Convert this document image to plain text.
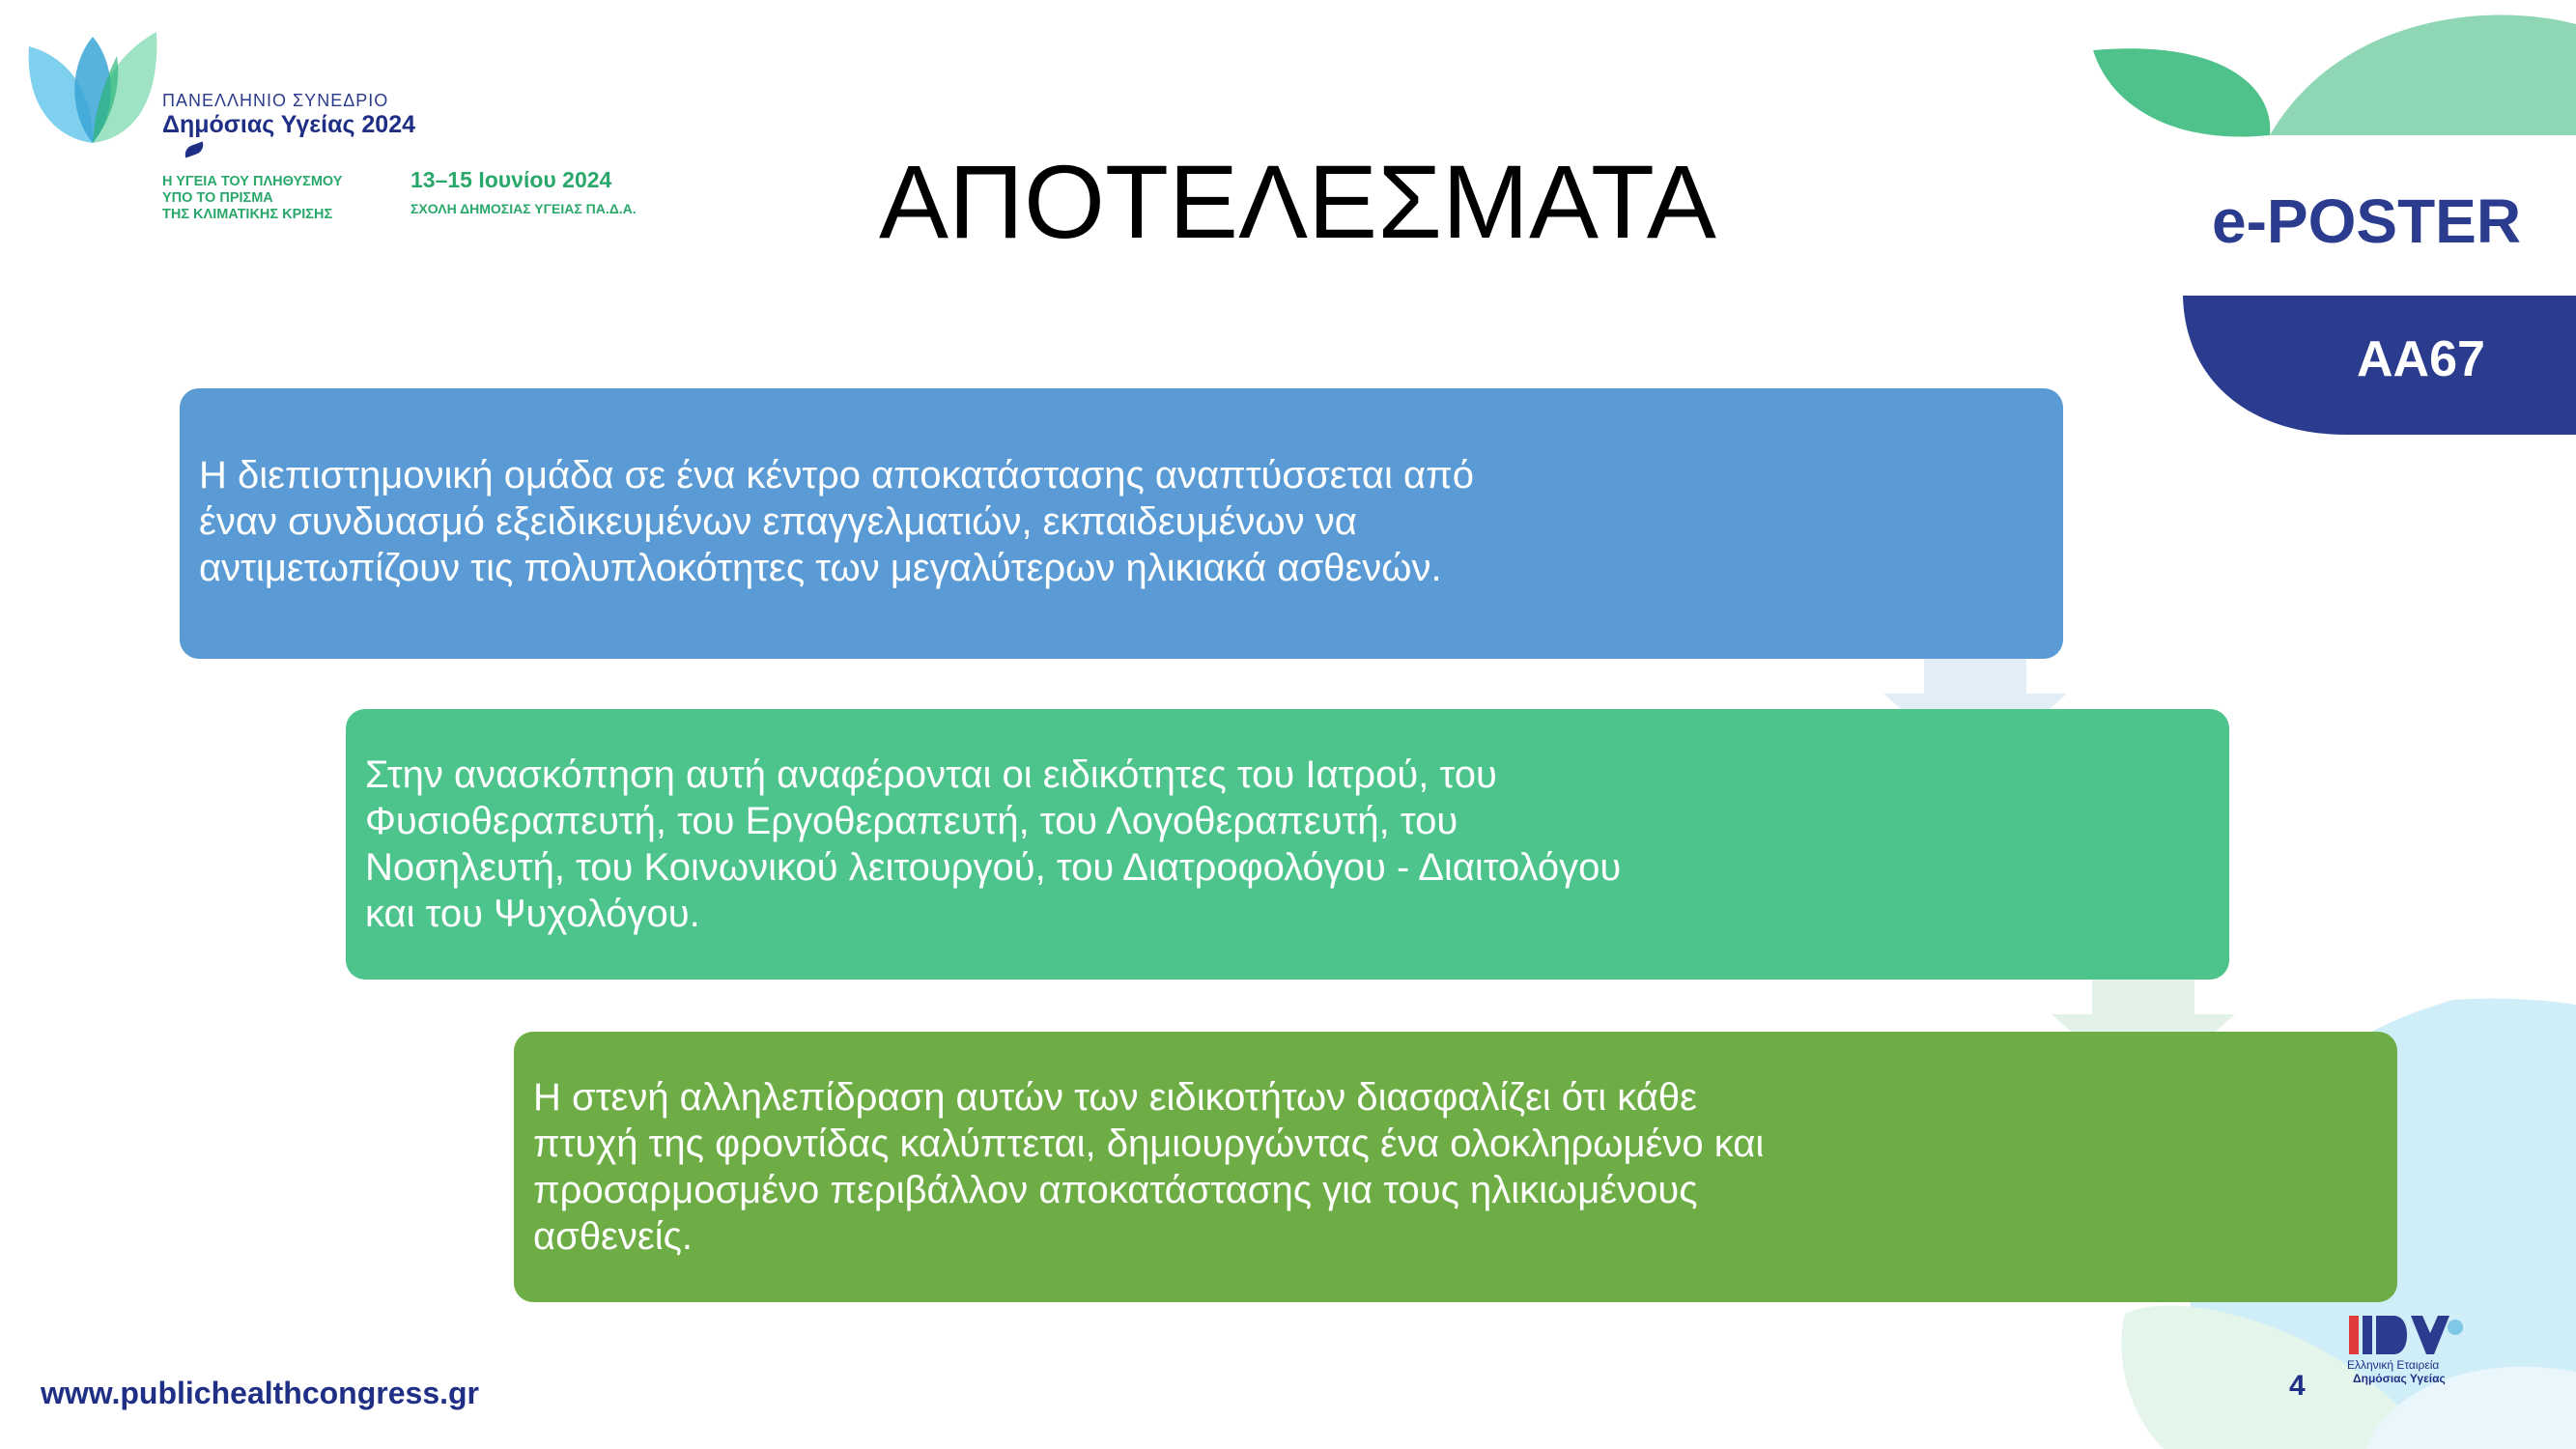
ΠΑΝΕΛΛΗΝΙΟ ΣΥΝΕΔΡΙΟ
Δημόσιας Υγείας 2024
Η ΥΓΕΙΑ ΤΟΥ ΠΛΗΘΥΣΜΟΥ
ΥΠΟ ΤΟ ΠΡΙΣΜΑ
ΤΗΣ ΚΛΙΜΑΤΙΚΗΣ ΚΡΙΣΗΣ
13–15 Ιουνίου 2024
ΣΧΟΛΗ ΔΗΜΟΣΙΑΣ ΥΓΕΙΑΣ ΠΑ.Δ.Α. ΑΠΟΤΕΛΕΣΜΑΤΑ	e-POSTER
ΑΑ67
Η διεπιστημονική ομάδα σε ένα κέντρο αποκατάστασης αναπτύσσεται από
έναν συνδυασμό εξειδικευμένων επαγγελματιών, εκπαιδευμένων να
αντιμετωπίζουν τις πολυπλοκότητες των μεγαλύτερων ηλικιακά ασθενών.
Στην ανασκόπηση αυτή αναφέρονται οι ειδικότητες του Ιατρού, του
Φυσιοθεραπευτή, του Εργοθεραπευτή, του Λογοθεραπευτή, του
Νοσηλευτή, του Κοινωνικού λειτουργού, του Διατροφολόγου - Διαιτολόγου
και του Ψυχολόγου.
Η στενή αλληλεπίδραση αυτών των ειδικοτήτων διασφαλίζει ότι κάθε
πτυχή της φροντίδας καλύπτεται, δημιουργώντας ένα ολοκληρωμένο και
προσαρμοσμένο περιβάλλον αποκατάστασης για τους ηλικιωμένους
ασθενείς.
www.publichealthcongress.gr	4
Ελληνική Εταιρεία
Δημόσιας Υγείας
